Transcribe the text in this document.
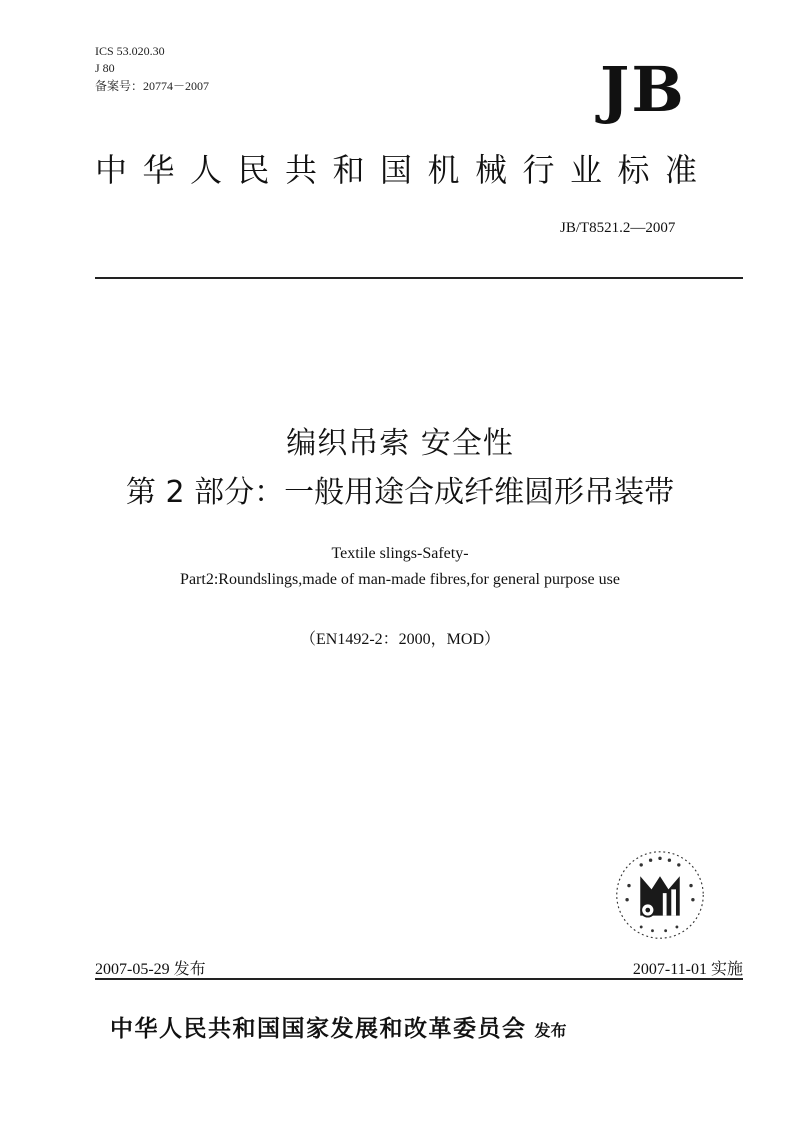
ICS 53.020.30
J 80
备案号：20774－2007	JB
中华人民共和国机械行业标准
JB/T8521.2—2007
编织吊索 安全性
第 2 部分：一般用途合成纤维圆形吊装带
Textile slings-Safety-
Part2:Roundslings,made of man-made fibres,for general purpose use
（EN1492-2：2000，MOD）
2007-05-29 发布	2007-11-01 实施
中华人民共和国国家发展和改革委员会 发布
